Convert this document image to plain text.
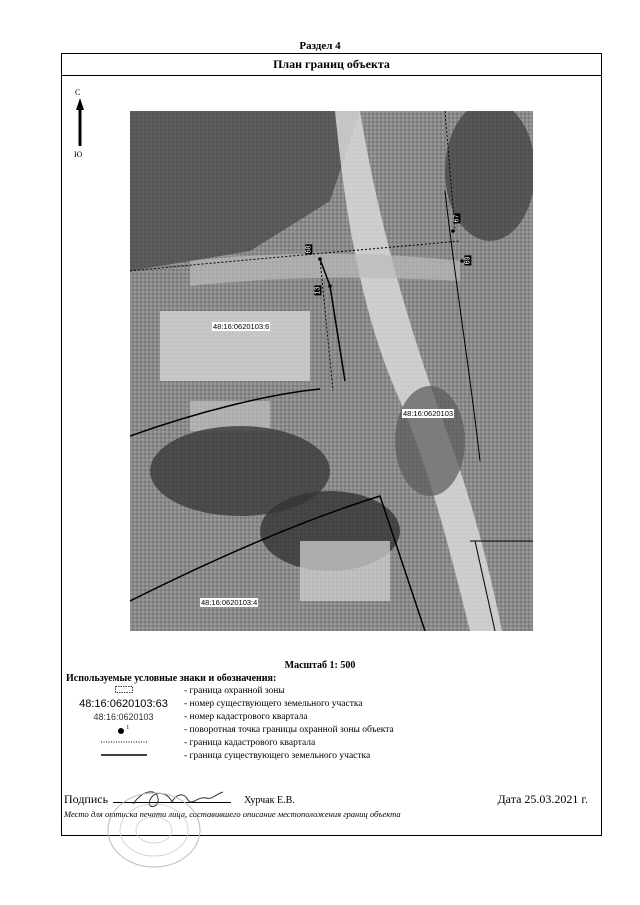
Раздел 4
План границ объекта
С
Ю
68
67
69
13
48:16:0620103:6
48:16:0620103
48:16:0620103:4
Масштаб 1: 500
Используемые условные знаки и обозначения:
- граница охранной зоны
48:16:0620103:63	- номер существующего земельного участка
48:16:0620103	- номер кадастрового квартала
$^1$	- поворотная точка границы охранной зоны объекта
- граница кадастрового квартала
- граница существующего земельного участка
Подпись	Хурчак Е.В.	Дата 25.03.2021 г.
Место для оттиска печати лица, составившего описание местоположения границ объекта
